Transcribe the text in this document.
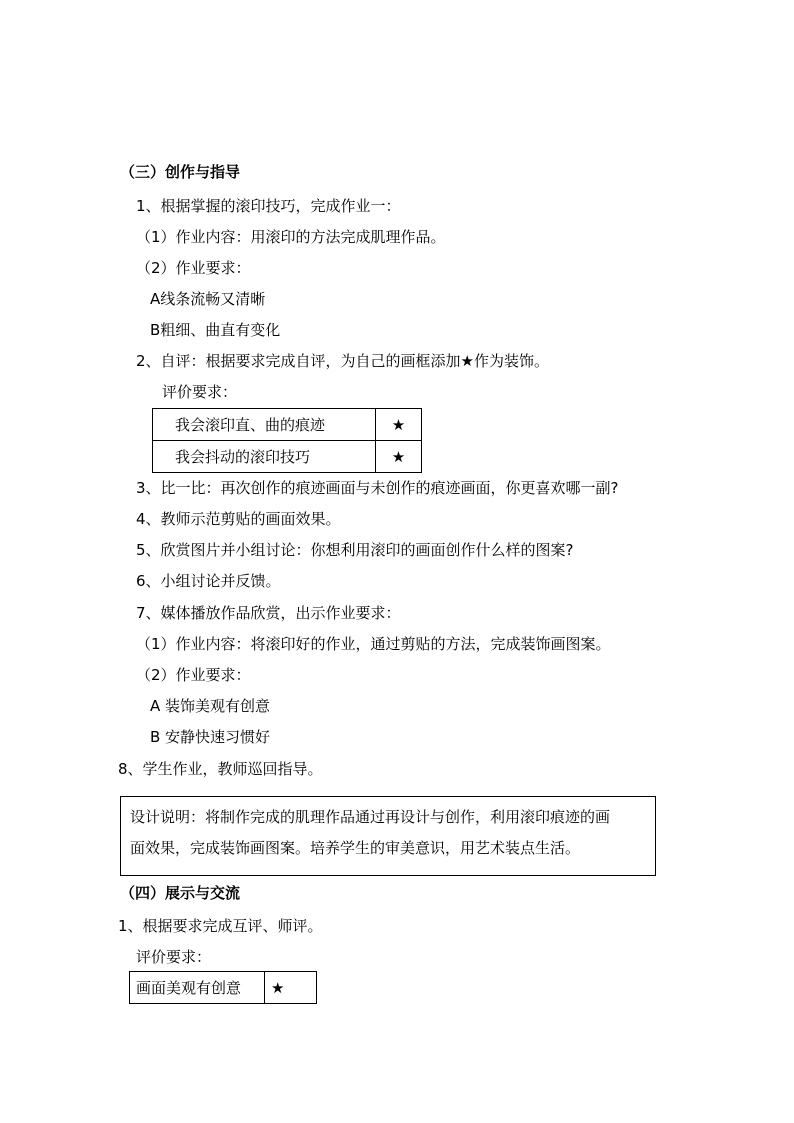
（三）创作与指导
1、根据掌握的滚印技巧，完成作业一：
（1）作业内容：用滚印的方法完成肌理作品。
（2）作业要求：
A线条流畅又清晰
B粗细、曲直有变化
2、自评：根据要求完成自评，为自己的画框添加★作为装饰。
评价要求：
我会滚印直、曲的痕迹	★
我会抖动的滚印技巧	★
3、比一比：再次创作的痕迹画面与未创作的痕迹画面，你更喜欢哪一副?
4、教师示范剪贴的画面效果。
5、欣赏图片并小组讨论：你想利用滚印的画面创作什么样的图案?
6、小组讨论并反馈。
7、媒体播放作品欣赏，出示作业要求：
（1）作业内容：将滚印好的作业，通过剪贴的方法，完成装饰画图案。
（2）作业要求：
A 装饰美观有创意
B 安静快速习惯好
8、学生作业，教师巡回指导。
设计说明：将制作完成的肌理作品通过再设计与创作，利用滚印痕迹的画
面效果，完成装饰画图案。培养学生的审美意识，用艺术装点生活。
（四）展示与交流
1、根据要求完成互评、师评。
评价要求：
画面美观有创意	★
